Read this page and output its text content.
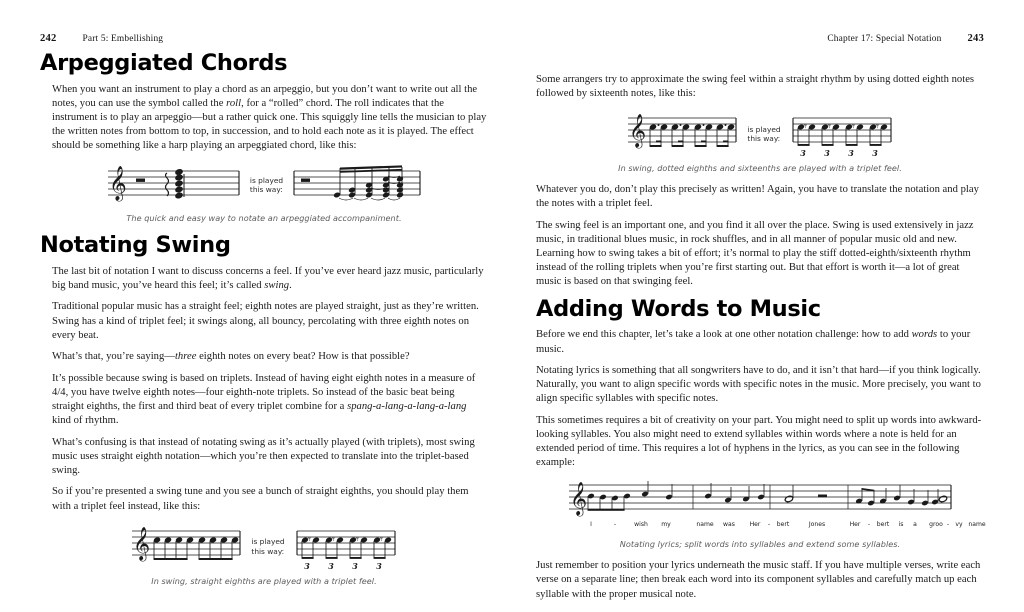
242	Part 5: Embellishing
Arpeggiated Chords

When you want an instrument to play a chord as an arpeggio, but you don’t want to write out all the notes, you can use the symbol called the roll, for a “rolled” chord. The roll indicates that the instrument is to play an arpeggio—but a rather quick one. This squiggly line tells the musician to play the written notes from bottom to top, in succession, and to hold each note as it is played. The effect should be something like a harp playing an arpeggiated chord, like this:

𝄞	is played
this way:
The quick and easy way to notate an arpeggiated accompaniment.
Notating Swing

The last bit of notation I want to discuss concerns a feel. If you’ve ever heard jazz music, particularly big band music, you’ve heard this feel; it’s called swing.

Traditional popular music has a straight feel; eighth notes are played straight, just as they’re written. Swing has a kind of triplet feel; it swings along, all bouncy, percolating with three eighth notes on every beat.

What’s that, you’re saying—three eighth notes on every beat? How is that possible?

It’s possible because swing is based on triplets. Instead of having eight eighth notes in a measure of 4/4, you have twelve eighth notes—four eighth-note triplets. So instead of the basic beat being straight eighths, the first and third beat of every triplet combine for a spang-a-lang-a-lang-a-lang kind of rhythm.

What’s confusing is that instead of notating swing as it’s actually played (with triplets), most swing music uses straight eighth notation—which you’re then expected to translate into the triplet-based swing.

So if you’re presented a swing tune and you see a bunch of straight eighths, you should play them with a triplet feel instead, like this:

𝄞	is played
this way:
𝄾 𝄾 𝄾 𝄾
3 3 3 3
In swing, straight eighths are played with a triplet feel.
Chapter 17: Special Notation 243

Some arrangers try to approximate the swing feel within a straight rhythm by using dotted eighth notes followed by sixteenth notes, like this:

𝄞	is played
this way:
𝄾 𝄾 𝄾 𝄾
3 3 3 3
In swing, dotted eighths and sixteenths are played with a triplet feel.

Whatever you do, don’t play this precisely as written! Again, you have to translate the notation and play the notes with a triplet feel.

The swing feel is an important one, and you find it all over the place. Swing is used extensively in jazz music, in traditional blues music, in rock shuffles, and in all manner of popular music old and new. Learning how to swing takes a bit of effort; it’s normal to play the stiff dotted-eighth/sixteenth rhythm instead of the rolling triplets when you’re first starting out. But that effort is worth it—a lot of great music is based on that swinging feel.

Adding Words to Music

Before we end this chapter, let’s take a look at one other notation challenge: how to add words to your music.

Notating lyrics is something that all songwriters have to do, and it isn’t that hard—if you think logically. Naturally, you want to align specific words with specific notes in the music. More precisely, you want to align specific syllables with specific notes.

This sometimes requires a bit of creativity on your part. You might need to split up words into awkward-looking syllables. You also might need to extend syllables within words where a note is held for an extended period of time. This requires a lot of hyphens in the lyrics, as you can see in the following example:

𝄞
I	-	wish my	name was Her - bert	Jones	Her - bert is a groo - vy name
Notating lyrics; split words into syllables and extend some syllables.

Just remember to position your lyrics underneath the music staff. If you have multiple verses, write each verse on a separate line; then break each word into its component syllables and carefully match up each syllable with the proper musical note.
